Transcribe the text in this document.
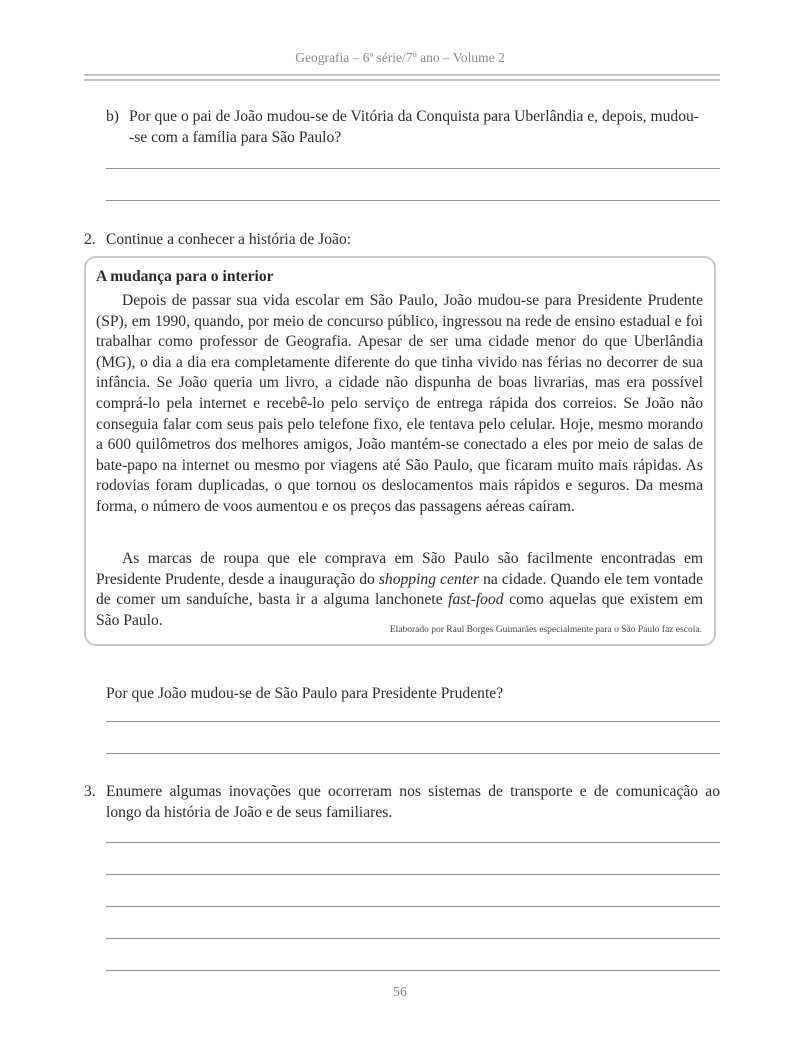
Geografia – 6ª série/7º ano – Volume 2
b) Por que o pai de João mudou-se de Vitória da Conquista para Uberlândia e, depois, mudou-
-se com a família para São Paulo?
2. Continue a conhecer a história de João:
A mudança para o interior

Depois de passar sua vida escolar em São Paulo, João mudou-se para Presidente Prudente (SP), em 1990, quando, por meio de concurso público, ingressou na rede de ensino estadual e foi trabalhar como professor de Geografia. Apesar de ser uma cidade menor do que Uberlândia (MG), o dia a dia era completamente diferente do que tinha vivido nas férias no decorrer de sua infância. Se João queria um livro, a cidade não dispunha de boas livrarias, mas era possível comprá-lo pela internet e recebê-lo pelo serviço de entrega rápida dos correios. Se João não conseguia falar com seus pais pelo telefone fixo, ele tentava pelo celular. Hoje, mesmo morando a 600 quilômetros dos melhores amigos, João mantém-se conectado a eles por meio de salas de bate-papo na internet ou mesmo por viagens até São Paulo, que ficaram muito mais rápidas. As rodovias foram duplicadas, o que tornou os deslocamentos mais rápidos e seguros. Da mesma forma, o número de voos aumentou e os preços das passagens aéreas caíram.

As marcas de roupa que ele comprava em São Paulo são facilmente encontradas em Presidente Prudente, desde a inauguração do shopping center na cidade. Quando ele tem vontade de comer um sanduíche, basta ir a alguma lanchonete fast-food como aquelas que existem em São Paulo.

Elaborado por Raul Borges Guimarães especialmente para o São Paulo faz escola.
Por que João mudou-se de São Paulo para Presidente Prudente?
3. Enumere algumas inovações que ocorreram nos sistemas de transporte e de comunicação ao
longo da história de João e de seus familiares.
56
